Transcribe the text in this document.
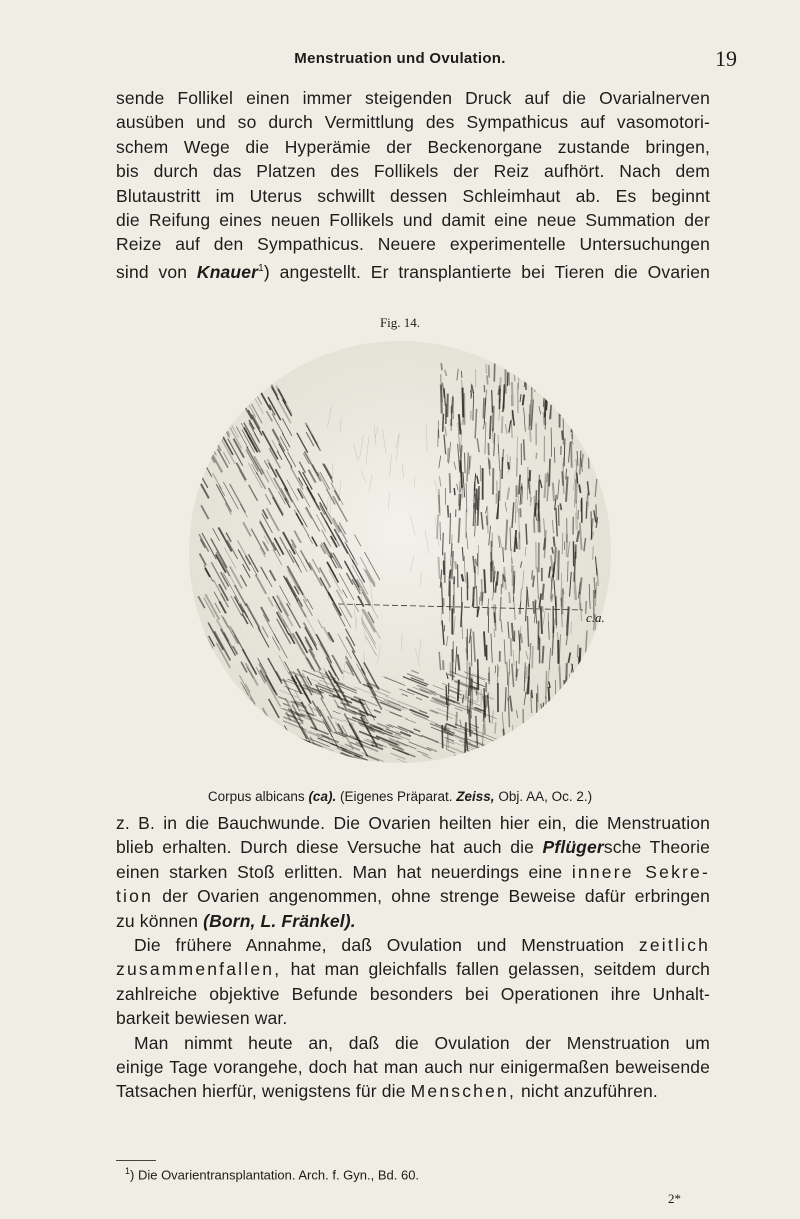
Menstruation und Ovulation.	19
sende Follikel einen immer steigenden Druck auf die Ovarialnerven
ausüben und so durch Vermittlung des Sympathicus auf vasomotori-
schem Wege die Hyperämie der Beckenorgane zustande bringen,
bis durch das Platzen des Follikels der Reiz aufhört. Nach dem
Blutaustritt im Uterus schwillt dessen Schleimhaut ab. Es beginnt
die Reifung eines neuen Follikels und damit eine neue Summation der
Reize auf den Sympathicus. Neuere experimentelle Untersuchungen
sind von Knauer$^1$) angestellt. Er transplantierte bei Tieren die Ovarien
Fig. 14.
c.a.
Corpus albicans (ca). (Eigenes Präparat. Zeiss, Obj. AA, Oc. 2.)
z. B. in die Bauchwunde. Die Ovarien heilten hier ein, die Menstruation
blieb erhalten. Durch diese Versuche hat auch die Pflügersche Theorie
einen starken Stoß erlitten. Man hat neuerdings eine innere Sekre-
tion der Ovarien angenommen, ohne strenge Beweise dafür erbringen
zu können (Born, L. Fränkel).
Die frühere Annahme, daß Ovulation und Menstruation zeitlich
zusammenfallen, hat man gleichfalls fallen gelassen, seitdem durch
zahlreiche objektive Befunde besonders bei Operationen ihre Unhalt-
barkeit bewiesen war.
Man nimmt heute an, daß die Ovulation der Menstruation um
einige Tage vorangehe, doch hat man auch nur einigermaßen beweisende
Tatsachen hierfür, wenigstens für die Menschen, nicht anzuführen.
$^1$) Die Ovarientransplantation. Arch. f. Gyn., Bd. 60.
2*
